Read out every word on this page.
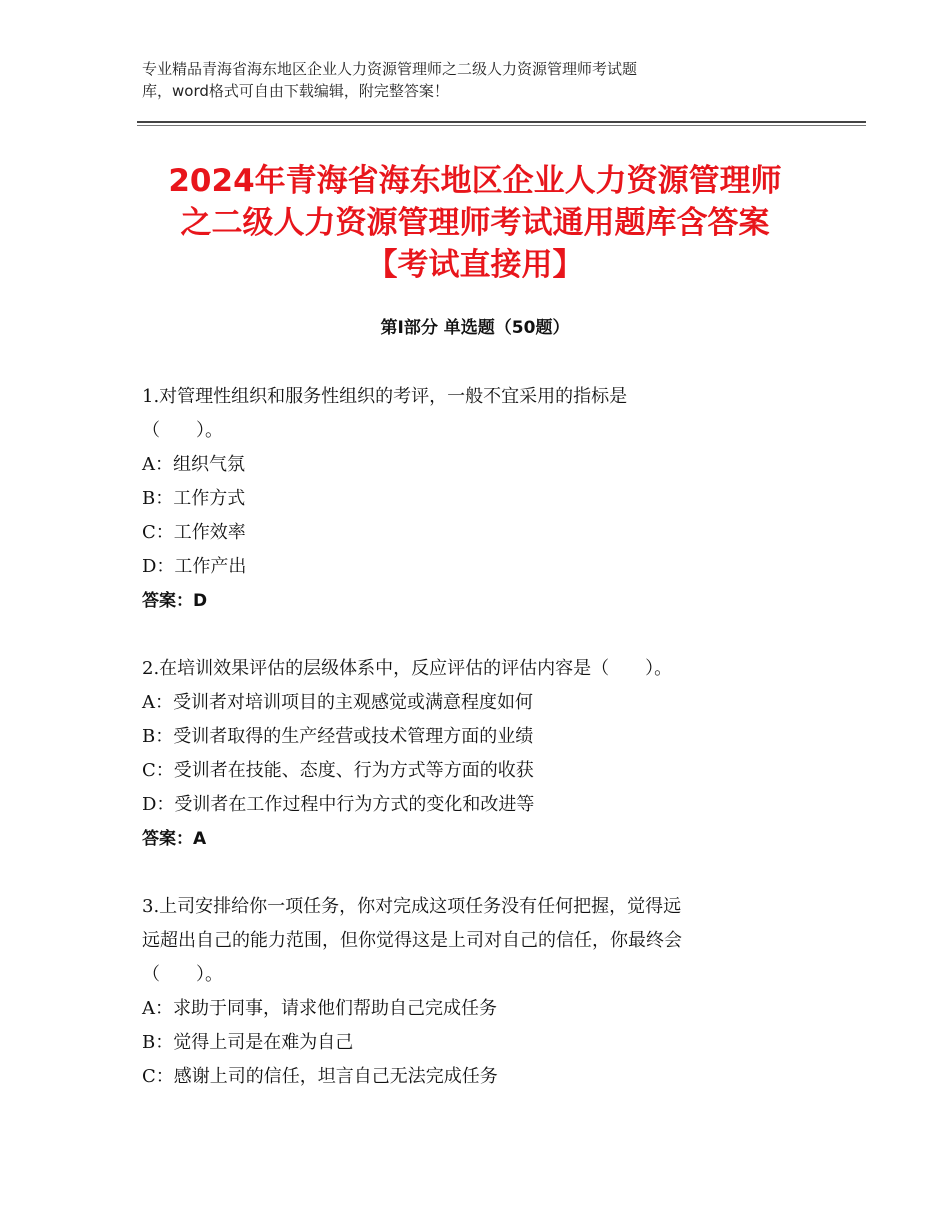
专业精品青海省海东地区企业人力资源管理师之二级人力资源管理师考试题
库，word格式可自由下载编辑，附完整答案！
2024年青海省海东地区企业人力资源管理师
之二级人力资源管理师考试通用题库含答案
【考试直接用】
第Ⅰ部分 单选题（50题）
1.对管理性组织和服务性组织的考评，一般不宜采用的指标是
（　　）。
A：组织气氛
B：工作方式
C：工作效率
D：工作产出
答案：D
2.在培训效果评估的层级体系中，反应评估的评估内容是（　　）。
A：受训者对培训项目的主观感觉或满意程度如何
B：受训者取得的生产经营或技术管理方面的业绩
C：受训者在技能、态度、行为方式等方面的收获
D：受训者在工作过程中行为方式的变化和改进等
答案：A
3.上司安排给你一项任务，你对完成这项任务没有任何把握，觉得远
远超出自己的能力范围，但你觉得这是上司对自己的信任，你最终会
（　　）。
A：求助于同事，请求他们帮助自己完成任务
B：觉得上司是在难为自己
C：感谢上司的信任，坦言自己无法完成任务
